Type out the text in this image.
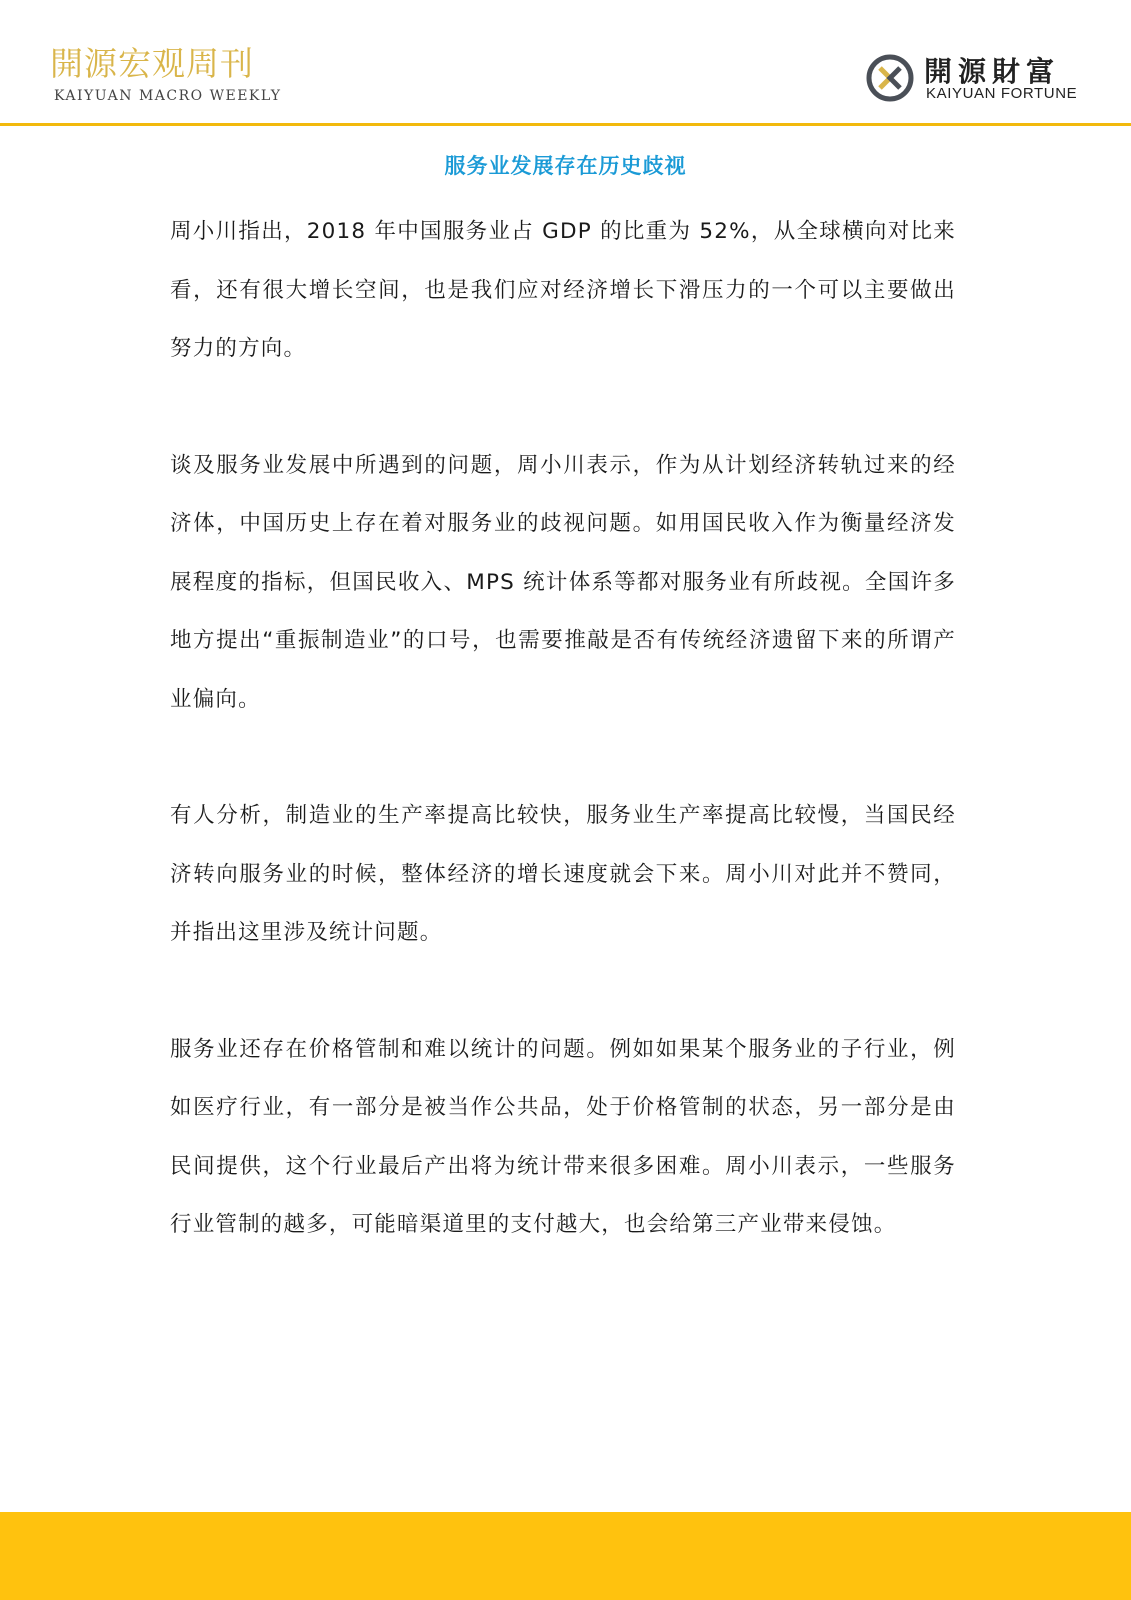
開源宏观周刊
KAIYUAN MACRO WEEKLY
開源財富
KAIYUAN FORTUNE
服务业发展存在历史歧视

周小川指出，2018 年中国服务业占 GDP 的比重为 52%，从全球横向对比来看，还有很大增长空间，也是我们应对经济增长下滑压力的一个可以主要做出努力的方向。

谈及服务业发展中所遇到的问题，周小川表示，作为从计划经济转轨过来的经济体，中国历史上存在着对服务业的歧视问题。如用国民收入作为衡量经济发展程度的指标，但国民收入、MPS 统计体系等都对服务业有所歧视。全国许多地方提出“重振制造业”的口号，也需要推敲是否有传统经济遗留下来的所谓产业偏向。

有人分析，制造业的生产率提高比较快，服务业生产率提高比较慢，当国民经济转向服务业的时候，整体经济的增长速度就会下来。周小川对此并不赞同，并指出这里涉及统计问题。

服务业还存在价格管制和难以统计的问题。例如如果某个服务业的子行业，例如医疗行业，有一部分是被当作公共品，处于价格管制的状态，另一部分是由民间提供，这个行业最后产出将为统计带来很多困难。周小川表示，一些服务行业管制的越多，可能暗渠道里的支付越大，也会给第三产业带来侵蚀。
